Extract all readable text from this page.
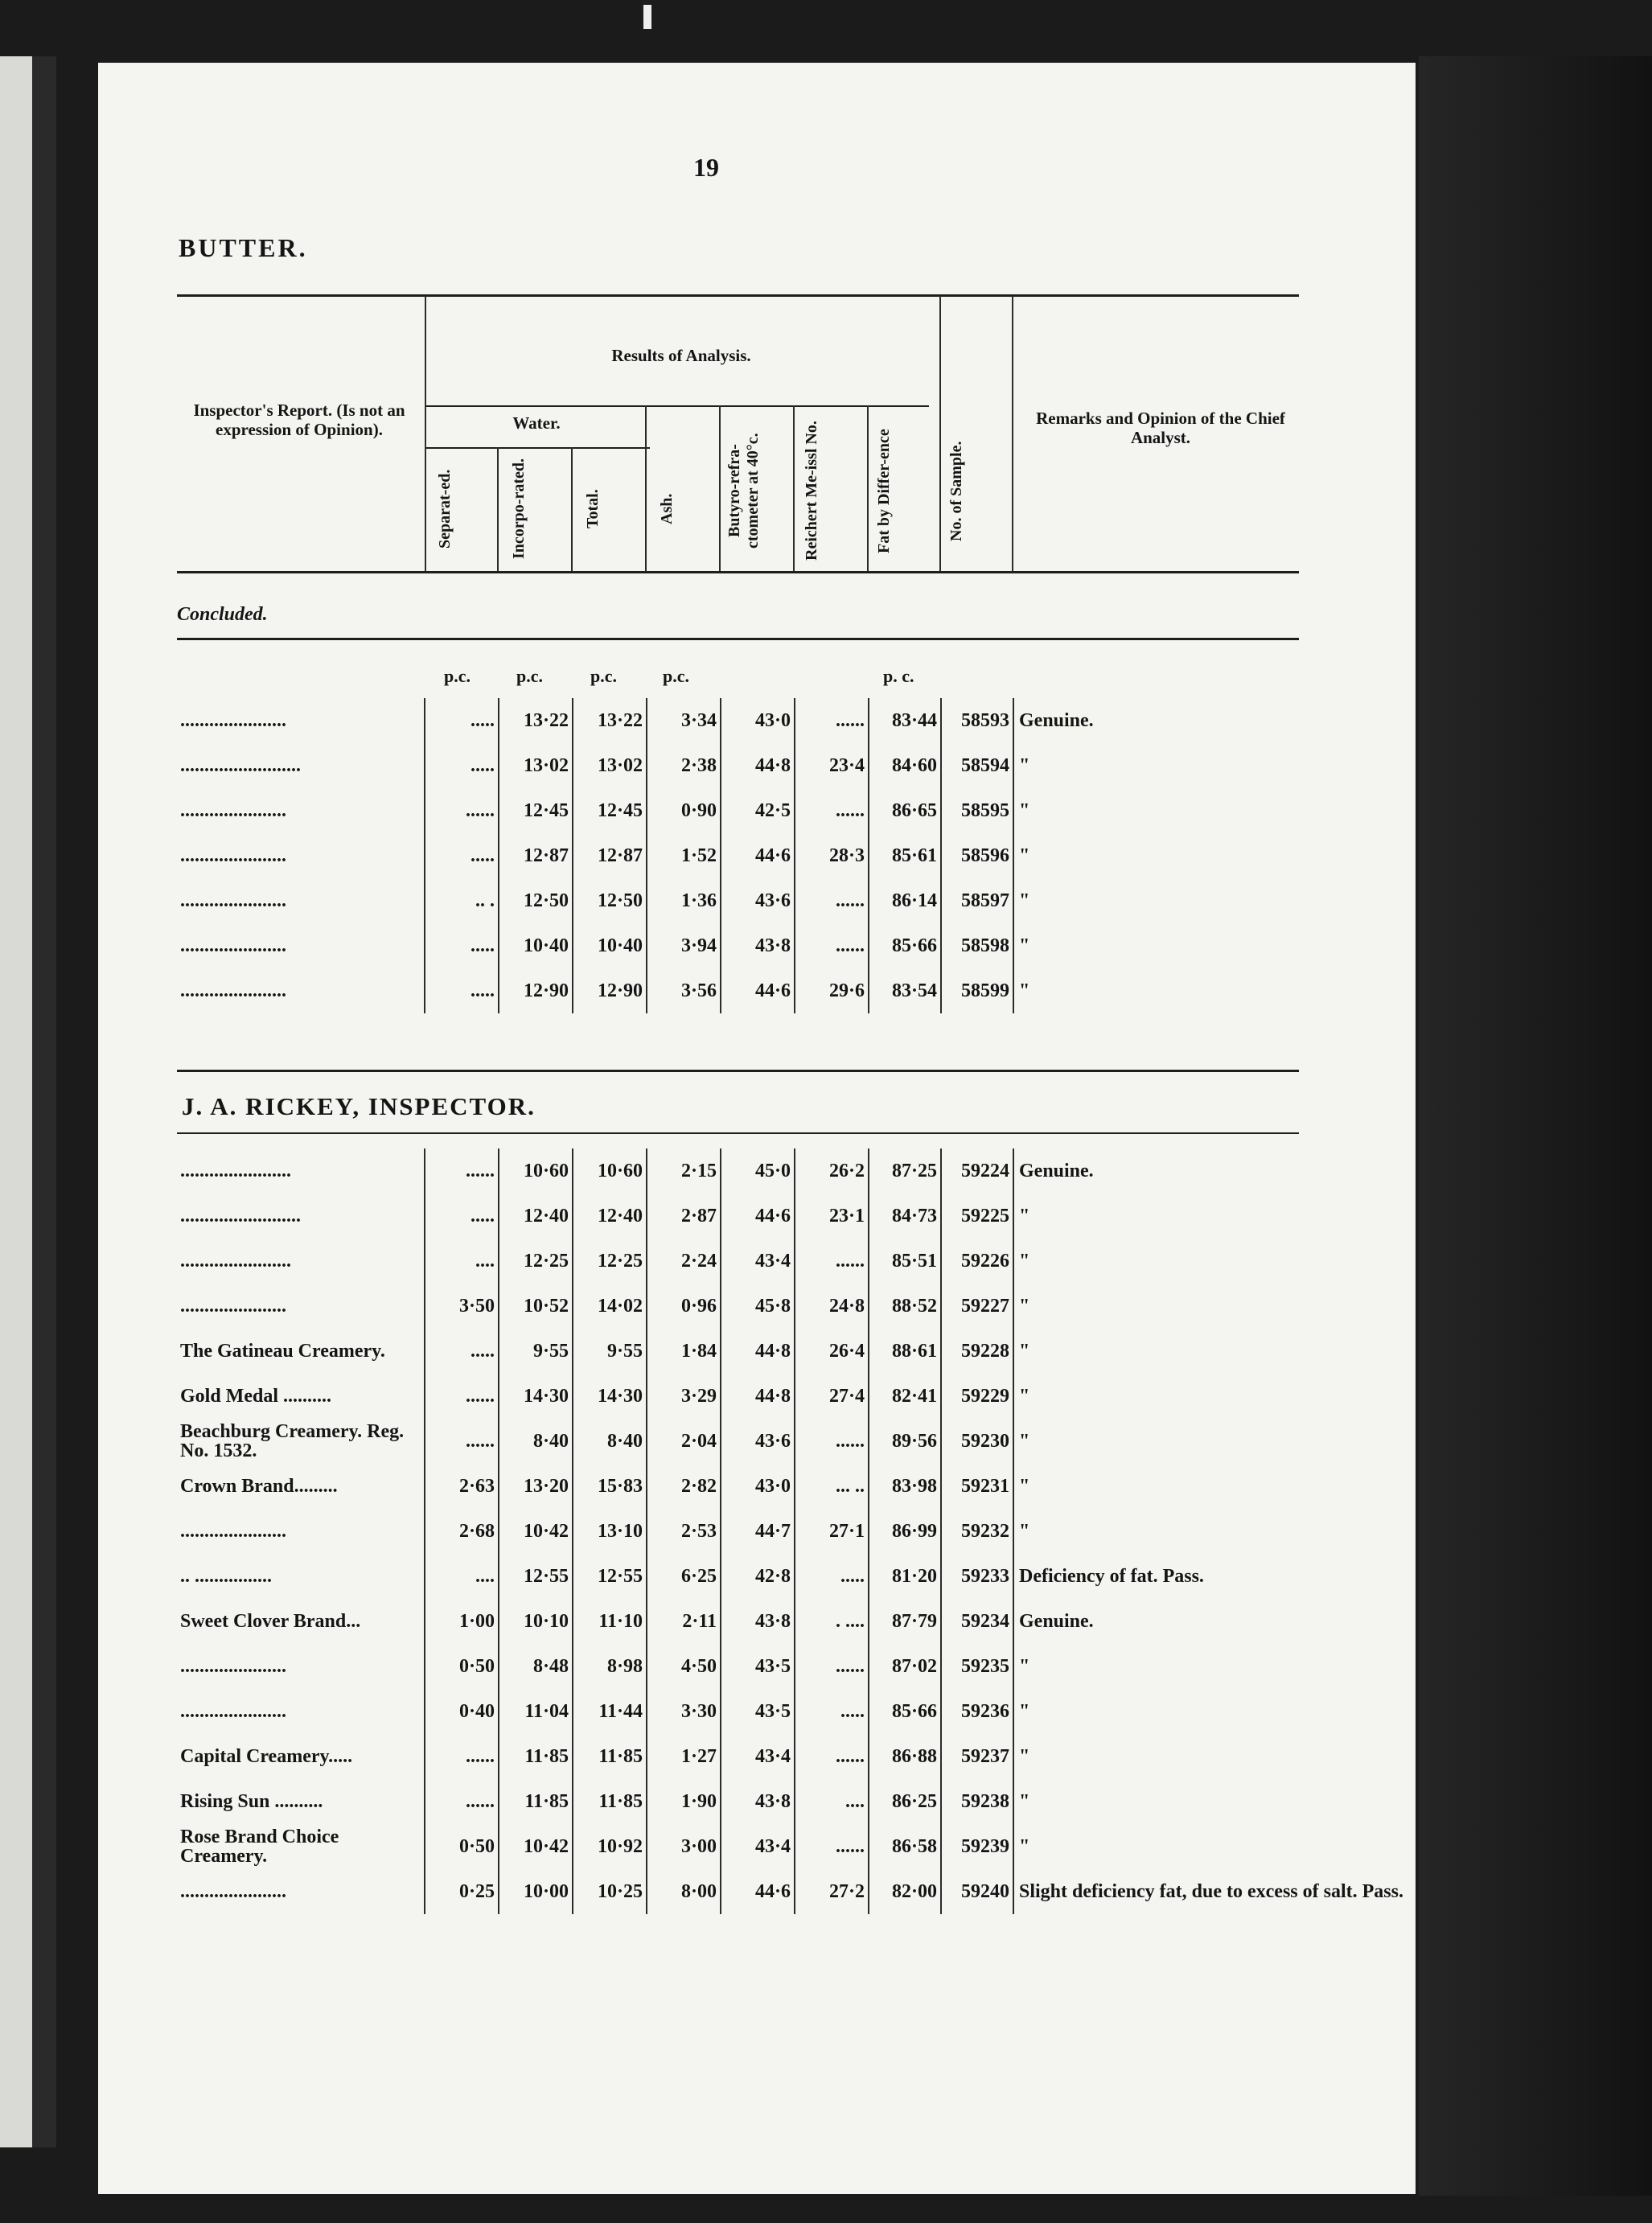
19
BUTTER.
Inspector's Report. (Is not an expression of Opinion).
Results of Analysis.
Water.
Separat-ed.	Incorpo-rated.	Total.	Ash.	Butyro-refra-ctometer at 40°c.	Reichert Me-issl No.	Fat by Differ-ence	No. of Sample.
Remarks and Opinion of the Chief Analyst.
Concluded.
p.c.	p.c.	p.c.	p.c.	p. c.
......................	.....	13·22	13·22	3·34	43·0	......	83·44	58593	Genuine.
.........................	.....	13·02	13·02	2·38	44·8	23·4	84·60	58594	"
......................	......	12·45	12·45	0·90	42·5	......	86·65	58595	"
......................	.....	12·87	12·87	1·52	44·6	28·3	85·61	58596	"
......................	.. .	12·50	12·50	1·36	43·6	......	86·14	58597	"
......................	.....	10·40	10·40	3·94	43·8	......	85·66	58598	"
......................	.....	12·90	12·90	3·56	44·6	29·6	83·54	58599	"
J. A. RICKEY, INSPECTOR.
.......................	......	10·60	10·60	2·15	45·0	26·2	87·25	59224	Genuine.
.........................	.....	12·40	12·40	2·87	44·6	23·1	84·73	59225	"
.......................	....	12·25	12·25	2·24	43·4	......	85·51	59226	"
......................	3·50	10·52	14·02	0·96	45·8	24·8	88·52	59227	"
The Gatineau Creamery.	.....	9·55	9·55	1·84	44·8	26·4	88·61	59228	"
Gold Medal ..........	......	14·30	14·30	3·29	44·8	27·4	82·41	59229	"
Beachburg Creamery. Reg. No. 1532.	......	8·40	8·40	2·04	43·6	......	89·56	59230	"
Crown Brand.........	2·63	13·20	15·83	2·82	43·0	... ..	83·98	59231	"
......................	2·68	10·42	13·10	2·53	44·7	27·1	86·99	59232	"
.. ................	....	12·55	12·55	6·25	42·8	.....	81·20	59233	Deficiency of fat. Pass.
Sweet Clover Brand...	1·00	10·10	11·10	2·11	43·8	. ....	87·79	59234	Genuine.
......................	0·50	8·48	8·98	4·50	43·5	......	87·02	59235	"
......................	0·40	11·04	11·44	3·30	43·5	.....	85·66	59236	"
Capital Creamery.....	......	11·85	11·85	1·27	43·4	......	86·88	59237	"
Rising Sun ..........	......	11·85	11·85	1·90	43·8	....	86·25	59238	"
Rose Brand Choice Creamery.	0·50	10·42	10·92	3·00	43·4	......	86·58	59239	"
......................	0·25	10·00	10·25	8·00	44·6	27·2	82·00	59240	Slight deficiency fat, due to excess of salt. Pass.
